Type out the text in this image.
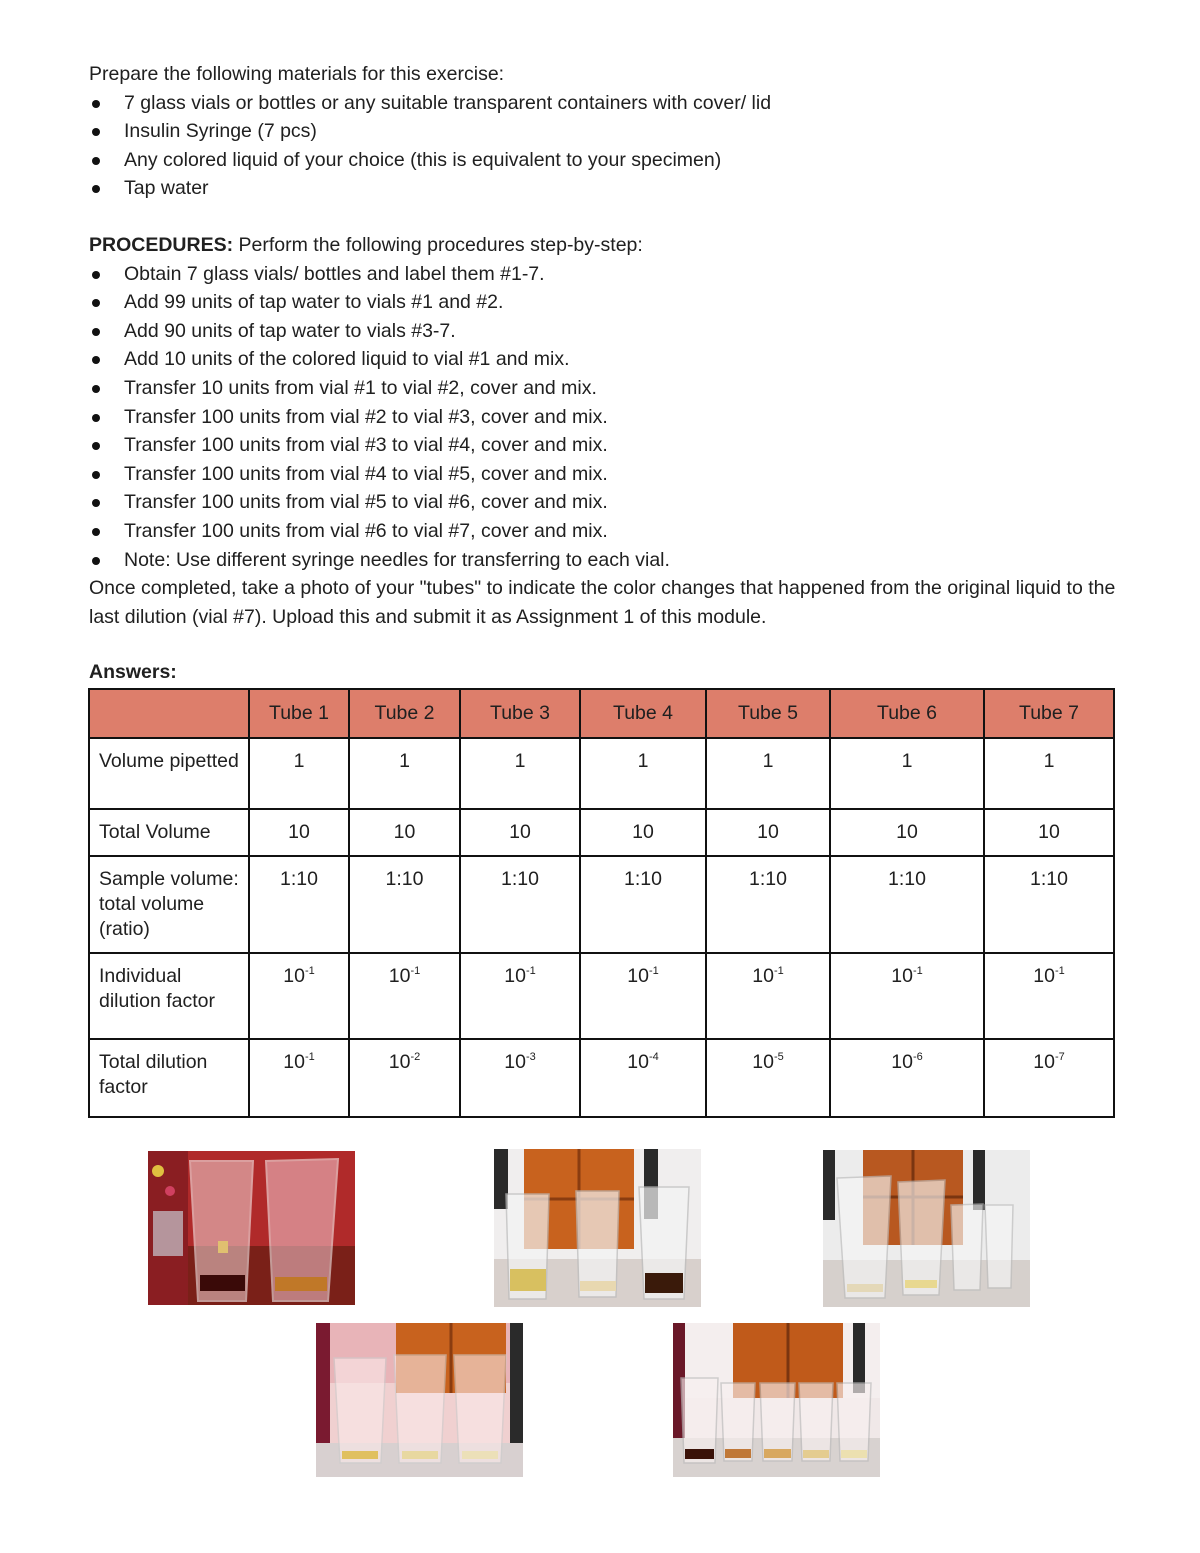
Prepare the following materials for this exercise:

7 glass vials or bottles or any suitable transparent containers with cover/ lid
Insulin Syringe (7 pcs)
Any colored liquid of your choice (this is equivalent to your specimen)
Tap water

PROCEDURES: Perform the following procedures step-by-step:

Obtain 7 glass vials/ bottles and label them #1-7.
Add 99 units of tap water to vials #1 and #2.
Add 90 units of tap water to vials #3-7.
Add 10 units of the colored liquid to vial #1 and mix.
Transfer 10 units from vial #1 to vial #2, cover and mix.
Transfer 100 units from vial #2 to vial #3, cover and mix.
Transfer 100 units from vial #3 to vial #4, cover and mix.
Transfer 100 units from vial #4 to vial #5, cover and mix.
Transfer 100 units from vial #5 to vial #6, cover and mix.
Transfer 100 units from vial #6 to vial #7, cover and mix.
Note: Use different syringe needles for transferring to each vial.

Once completed, take a photo of your "tubes" to indicate the color changes that happened from the original liquid to the last dilution (vial #7). Upload this and submit it as Assignment 1 of this module.

Answers:

	Tube 1	Tube 2	Tube 3	Tube 4	Tube 5	Tube 6	Tube 7
Volume pipetted	1	1	1	1	1	1	1
Total Volume	10	10	10	10	10	10	10
Sample volume: total volume (ratio)	1:10	1:10	1:10	1:10	1:10	1:10	1:10
Individual dilution factor	$10^{-1}$	$10^{-1}$	$10^{-1}$	$10^{-1}$	$10^{-1}$	$10^{-1}$	$10^{-1}$
Total dilution factor	$10^{-1}$	$10^{-2}$	$10^{-3}$	$10^{-4}$	$10^{-5}$	$10^{-6}$	$10^{-7}$
